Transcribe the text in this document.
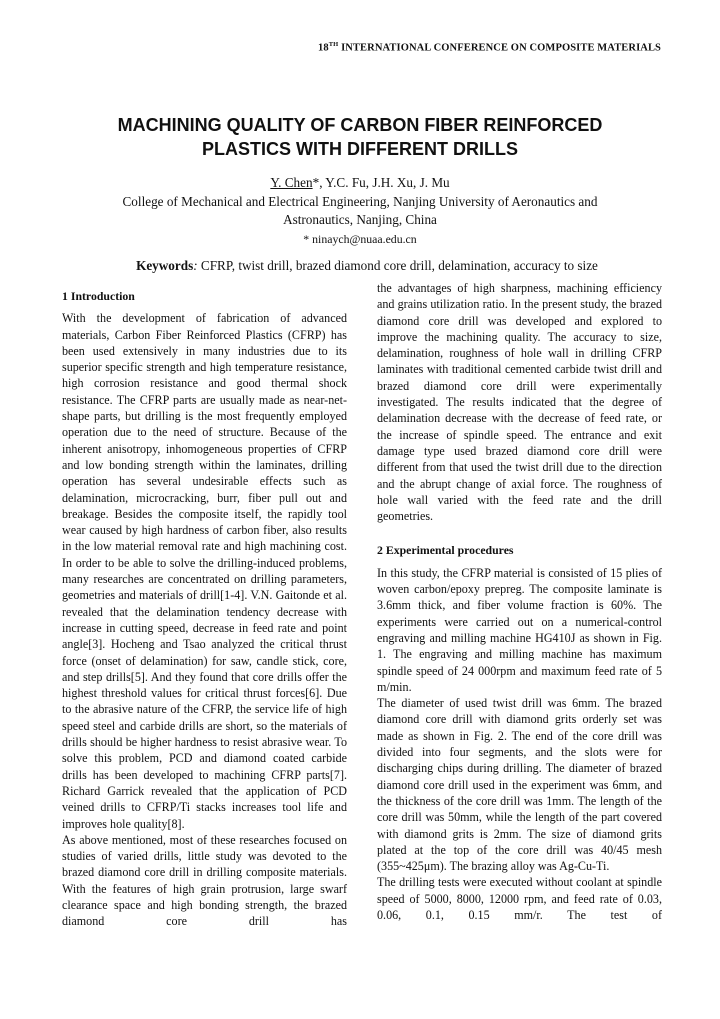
18TH INTERNATIONAL CONFERENCE ON COMPOSITE MATERIALS
MACHINING QUALITY OF CARBON FIBER REINFORCED
PLASTICS WITH DIFFERENT DRILLS
Y. Chen*, Y.C. Fu, J.H. Xu, J. Mu
College of Mechanical and Electrical Engineering, Nanjing University of Aeronautics and
Astronautics, Nanjing, China
* ninaych@nuaa.edu.cn
Keywords: CFRP, twist drill, brazed diamond core drill, delamination, accuracy to size

1 Introduction

With the development of fabrication of advanced materials, Carbon Fiber Reinforced Plastics (CFRP) has been used extensively in many industries due to its superior specific strength and high temperature resistance, high corrosion resistance and good thermal shock resistance. The CFRP parts are usually made as near-net-shape parts, but drilling is the most frequently employed operation due to the need of structure. Because of the inherent anisotropy, inhomogeneous properties of CFRP and low bonding strength within the laminates, drilling operation has several undesirable effects such as delamination, microcracking, burr, fiber pull out and breakage. Besides the composite itself, the rapidly tool wear caused by high hardness of carbon fiber, also results in the low material removal rate and high machining cost. In order to be able to solve the drilling-induced problems, many researches are concentrated on drilling parameters, geometries and materials of drill[1-4]. V.N. Gaitonde et al. revealed that the delamination tendency decrease with increase in cutting speed, decrease in feed rate and point angle[3]. Hocheng and Tsao analyzed the critical thrust force (onset of delamination) for saw, candle stick, core, and step drills[5]. And they found that core drills offer the highest threshold values for critical thrust forces[6]. Due to the abrasive nature of the CFRP, the service life of high speed steel and carbide drills are short, so the materials of drills should be higher hardness to resist abrasive wear. To solve this problem, PCD and diamond coated carbide drills has been developed to machining CFRP parts[7]. Richard Garrick revealed that the application of PCD veined drills to CFRP/Ti stacks increases tool life and improves hole quality[8].

As above mentioned, most of these researches focused on studies of varied drills, little study was devoted to the brazed diamond core drill in drilling composite materials. With the features of high grain protrusion, large swarf clearance space and high bonding strength, the brazed diamond core drill has

the advantages of high sharpness, machining efficiency and grains utilization ratio. In the present study, the brazed diamond core drill was developed and explored to improve the machining quality. The accuracy to size, delamination, roughness of hole wall in drilling CFRP laminates with traditional cemented carbide twist drill and brazed diamond core drill were experimentally investigated. The results indicated that the degree of delamination decrease with the decrease of feed rate, or the increase of spindle speed. The entrance and exit damage type used brazed diamond core drill were different from that used the twist drill due to the direction and the abrupt change of axial force. The roughness of hole wall varied with the feed rate and the drill geometries.

2 Experimental procedures

In this study, the CFRP material is consisted of 15 plies of woven carbon/epoxy prepreg. The composite laminate is 3.6mm thick, and fiber volume fraction is 60%. The experiments were carried out on a numerical-control engraving and milling machine HG410J as shown in Fig. 1. The engraving and milling machine has maximum spindle speed of 24 000rpm and maximum feed rate of 5 m/min.

The diameter of used twist drill was 6mm. The brazed diamond core drill with diamond grits orderly set was made as shown in Fig. 2. The end of the core drill was divided into four segments, and the slots were for discharging chips during drilling. The diameter of brazed diamond core drill used in the experiment was 6mm, and the thickness of the core drill was 1mm. The length of the core drill was 50mm, while the length of the part covered with diamond grits is 2mm. The size of diamond grits plated at the top of the core drill was 40/45 mesh (355~425μm). The brazing alloy was Ag-Cu-Ti.

The drilling tests were executed without coolant at spindle speed of 5000, 8000, 12000 rpm, and feed rate of 0.03, 0.06, 0.1, 0.15 mm/r. The test of
